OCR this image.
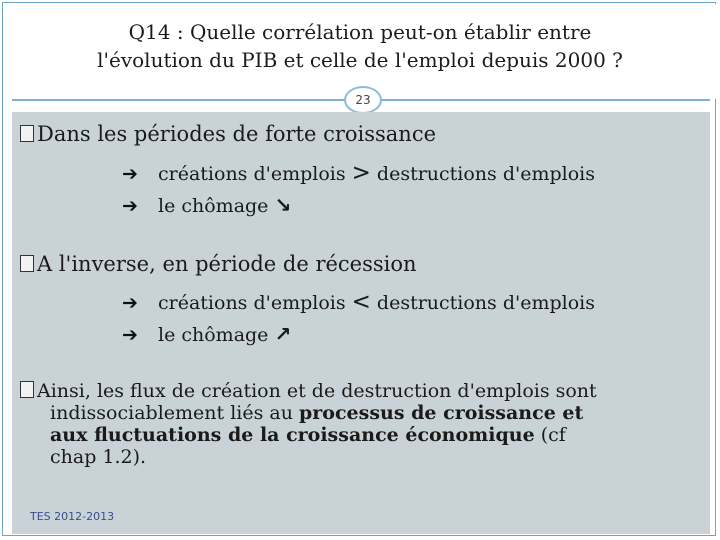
Q14 : Quelle corrélation peut-on établir entre
l'évolution du PIB et celle de l'emploi depuis 2000 ?
23
Dans les périodes de forte croissance
➔ créations d'emplois > destructions d'emplois
➔ le chômage ↘
A l'inverse, en période de récession
➔ créations d'emplois < destructions d'emplois
➔ le chômage ↗
Ainsi, les flux de création et de destruction d'emplois sont
indissociablement liés au processus de croissance et
aux fluctuations de la croissance économique (cf
chap 1.2).
TES 2012-2013
